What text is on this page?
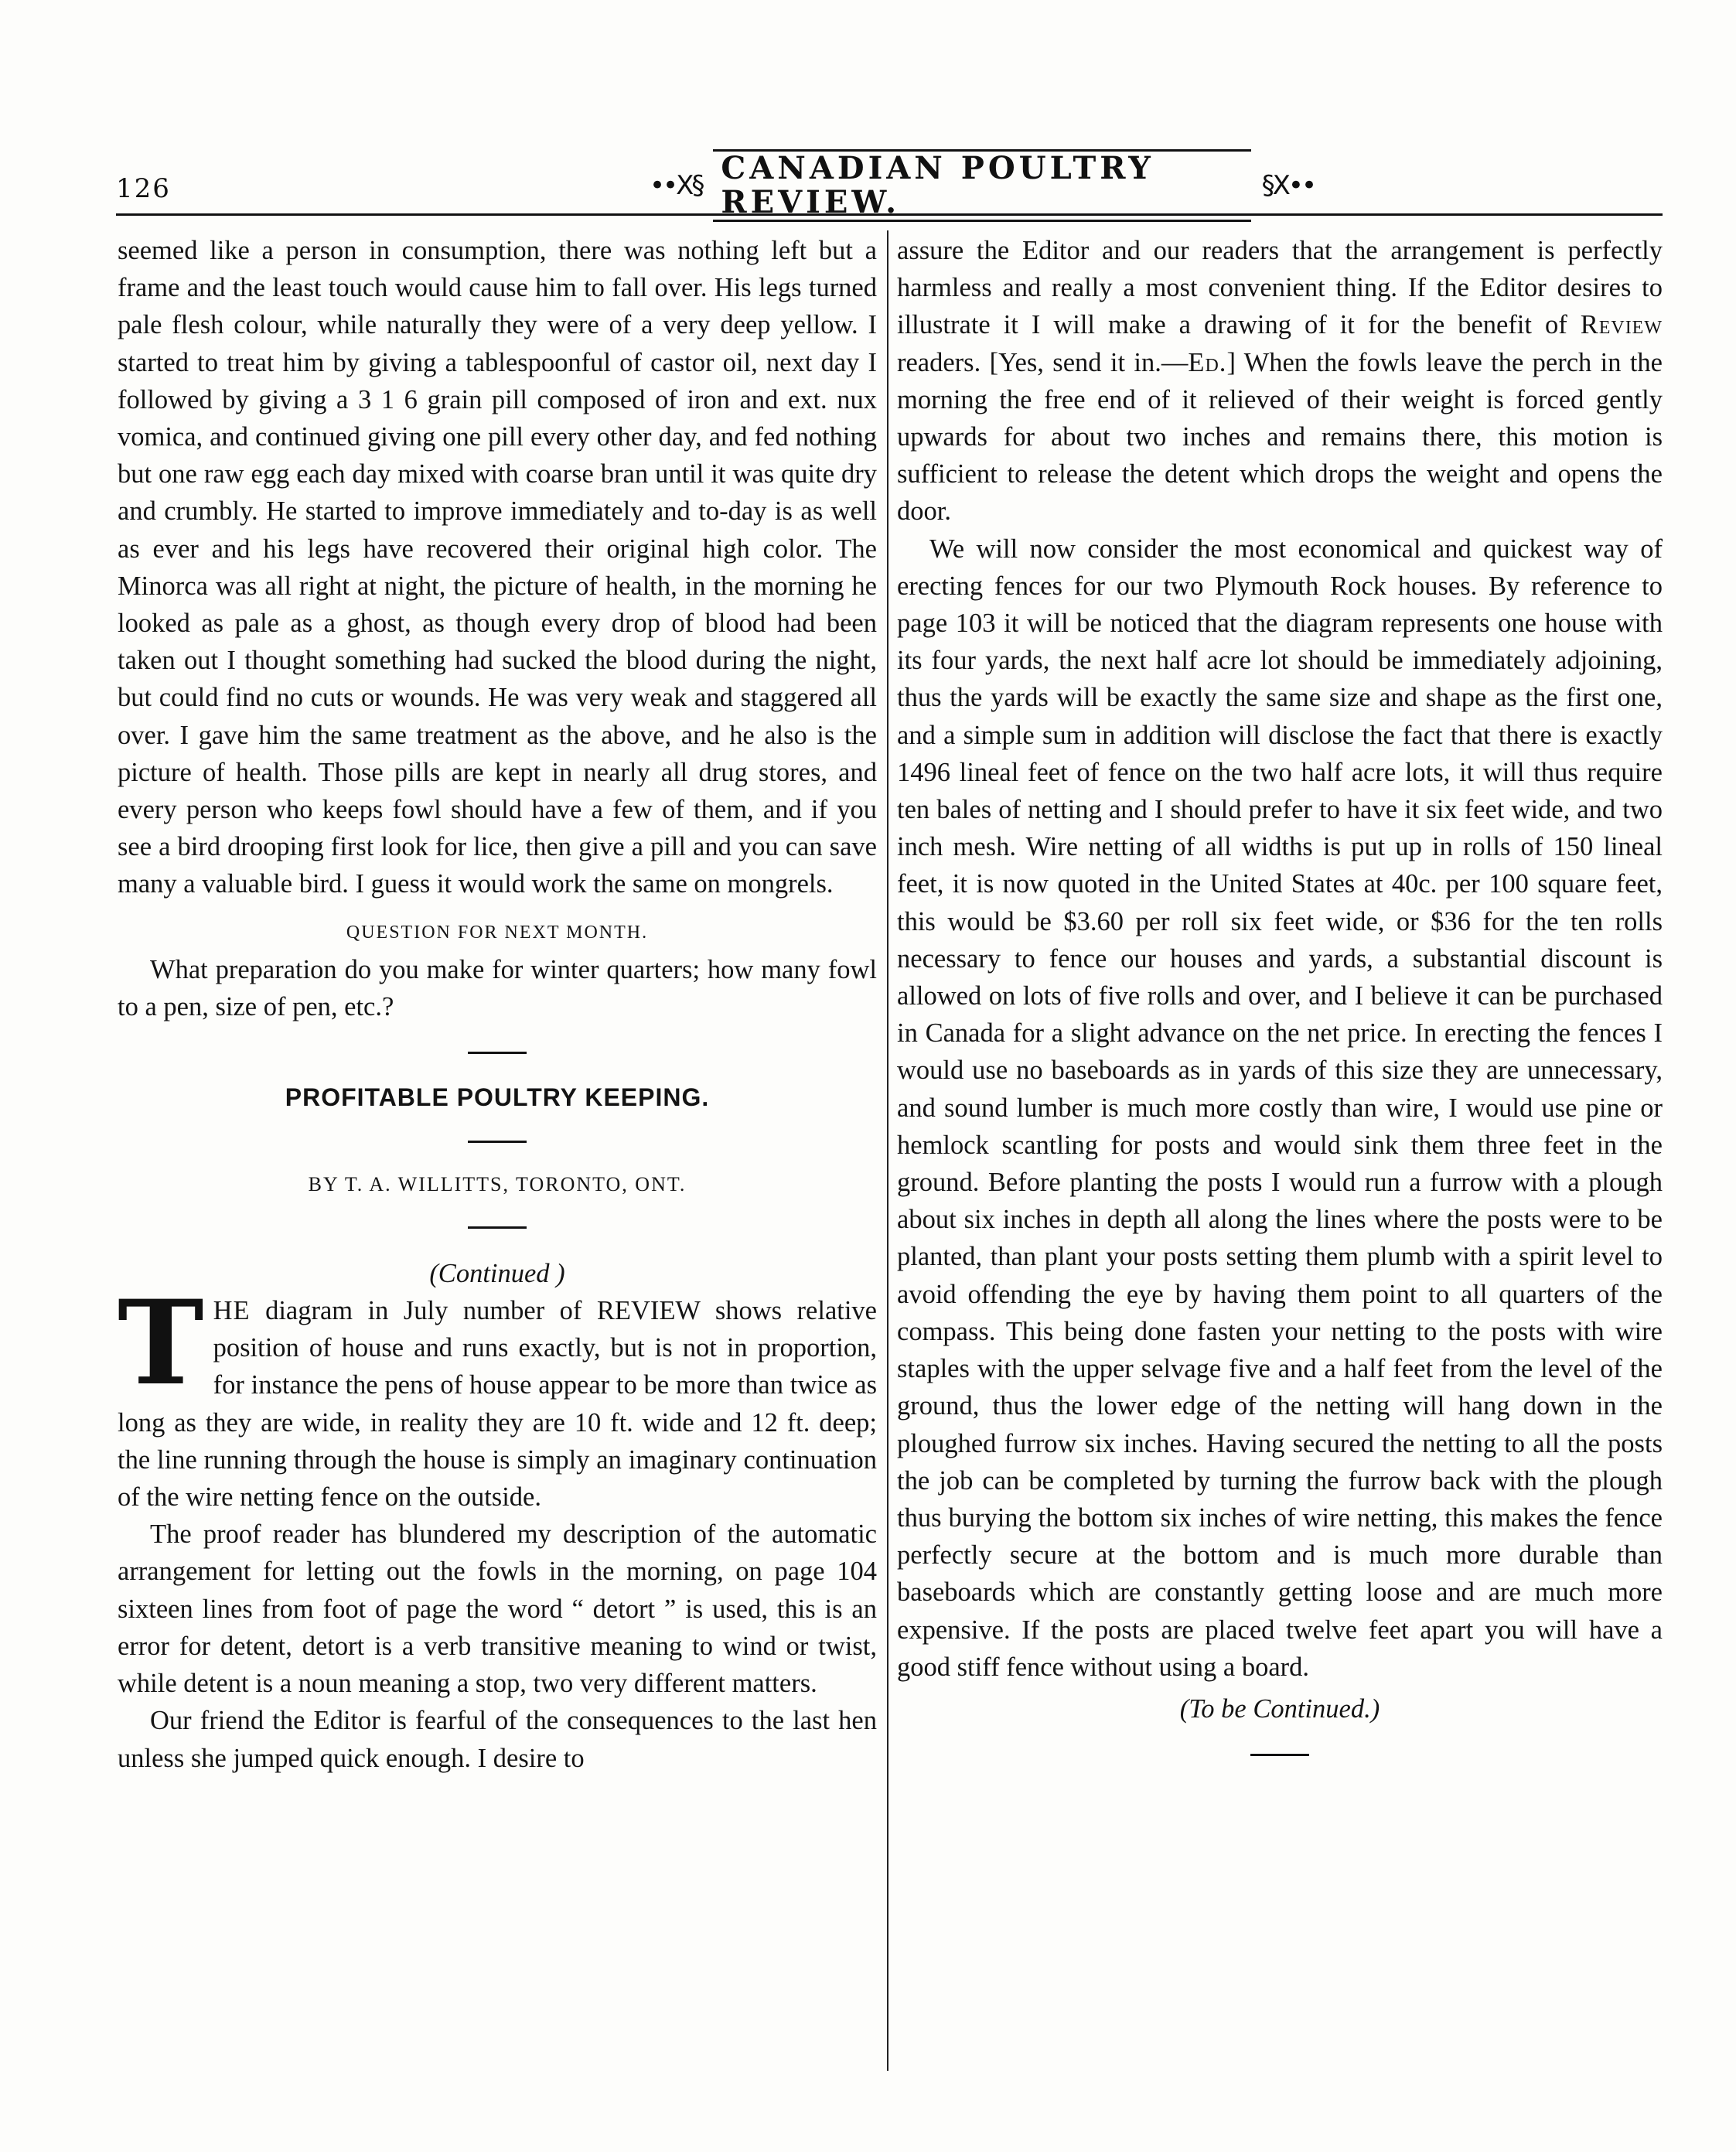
126	••X§ CANADIAN POULTRY REVIEW.	§X••

seemed like a person in consumption, there was nothing left but a frame and the least touch would cause him to fall over. His legs turned pale flesh colour, while naturally they were of a very deep yellow. I started to treat him by giving a tablespoonful of castor oil, next day I followed by giving a 3 1 6 grain pill composed of iron and ext. nux vomica, and continued giving one pill every other day, and fed nothing but one raw egg each day mixed with coarse bran until it was quite dry and crumbly. He started to improve immediately and to-day is as well as ever and his legs have recovered their original high color. The Minorca was all right at night, the picture of health, in the morning he looked as pale as a ghost, as though every drop of blood had been taken out I thought something had sucked the blood during the night, but could find no cuts or wounds. He was very weak and staggered all over. I gave him the same treatment as the above, and he also is the picture of health. Those pills are kept in nearly all drug stores, and every person who keeps fowl should have a few of them, and if you see a bird drooping first look for lice, then give a pill and you can save many a valuable bird. I guess it would work the same on mongrels.

QUESTION FOR NEXT MONTH.

What preparation do you make for winter quarters; how many fowl to a pen, size of pen, etc.?

PROFITABLE POULTRY KEEPING.

BY T. A. WILLITTS, TORONTO, ONT.

(Continued )

THE diagram in July number of REVIEW shows relative position of house and runs exactly, but is not in proportion, for instance the pens of house appear to be more than twice as long as they are wide, in reality they are 10 ft. wide and 12 ft. deep; the line running through the house is simply an imaginary continuation of the wire netting fence on the outside.

The proof reader has blundered my description of the automatic arrangement for letting out the fowls in the morning, on page 104 sixteen lines from foot of page the word “ detort ” is used, this is an error for detent, detort is a verb transitive meaning to wind or twist, while detent is a noun meaning a stop, two very different matters.

Our friend the Editor is fearful of the consequences to the last hen unless she jumped quick enough. I desire to

assure the Editor and our readers that the arrangement is perfectly harmless and really a most convenient thing. If the Editor desires to illustrate it I will make a drawing of it for the benefit of Review readers. [Yes, send it in.—Ed.] When the fowls leave the perch in the morning the free end of it relieved of their weight is forced gently upwards for about two inches and remains there, this motion is sufficient to release the detent which drops the weight and opens the door.

We will now consider the most economical and quickest way of erecting fences for our two Plymouth Rock houses. By reference to page 103 it will be noticed that the diagram represents one house with its four yards, the next half acre lot should be immediately adjoining, thus the yards will be exactly the same size and shape as the first one, and a simple sum in addition will disclose the fact that there is exactly 1496 lineal feet of fence on the two half acre lots, it will thus require ten bales of netting and I should prefer to have it six feet wide, and two inch mesh. Wire netting of all widths is put up in rolls of 150 lineal feet, it is now quoted in the United States at 40c. per 100 square feet, this would be $3.60 per roll six feet wide, or $36 for the ten rolls necessary to fence our houses and yards, a substantial discount is allowed on lots of five rolls and over, and I believe it can be purchased in Canada for a slight advance on the net price. In erecting the fences I would use no baseboards as in yards of this size they are unnecessary, and sound lumber is much more costly than wire, I would use pine or hemlock scantling for posts and would sink them three feet in the ground. Before planting the posts I would run a furrow with a plough about six inches in depth all along the lines where the posts were to be planted, than plant your posts setting them plumb with a spirit level to avoid offending the eye by having them point to all quarters of the compass. This being done fasten your netting to the posts with wire staples with the upper selvage five and a half feet from the level of the ground, thus the lower edge of the netting will hang down in the ploughed furrow six inches. Having secured the netting to all the posts the job can be completed by turning the furrow back with the plough thus burying the bottom six inches of wire netting, this makes the fence perfectly secure at the bottom and is much more durable than baseboards which are constantly getting loose and are much more expensive. If the posts are placed twelve feet apart you will have a good stiff fence without using a board.

(To be Continued.)
